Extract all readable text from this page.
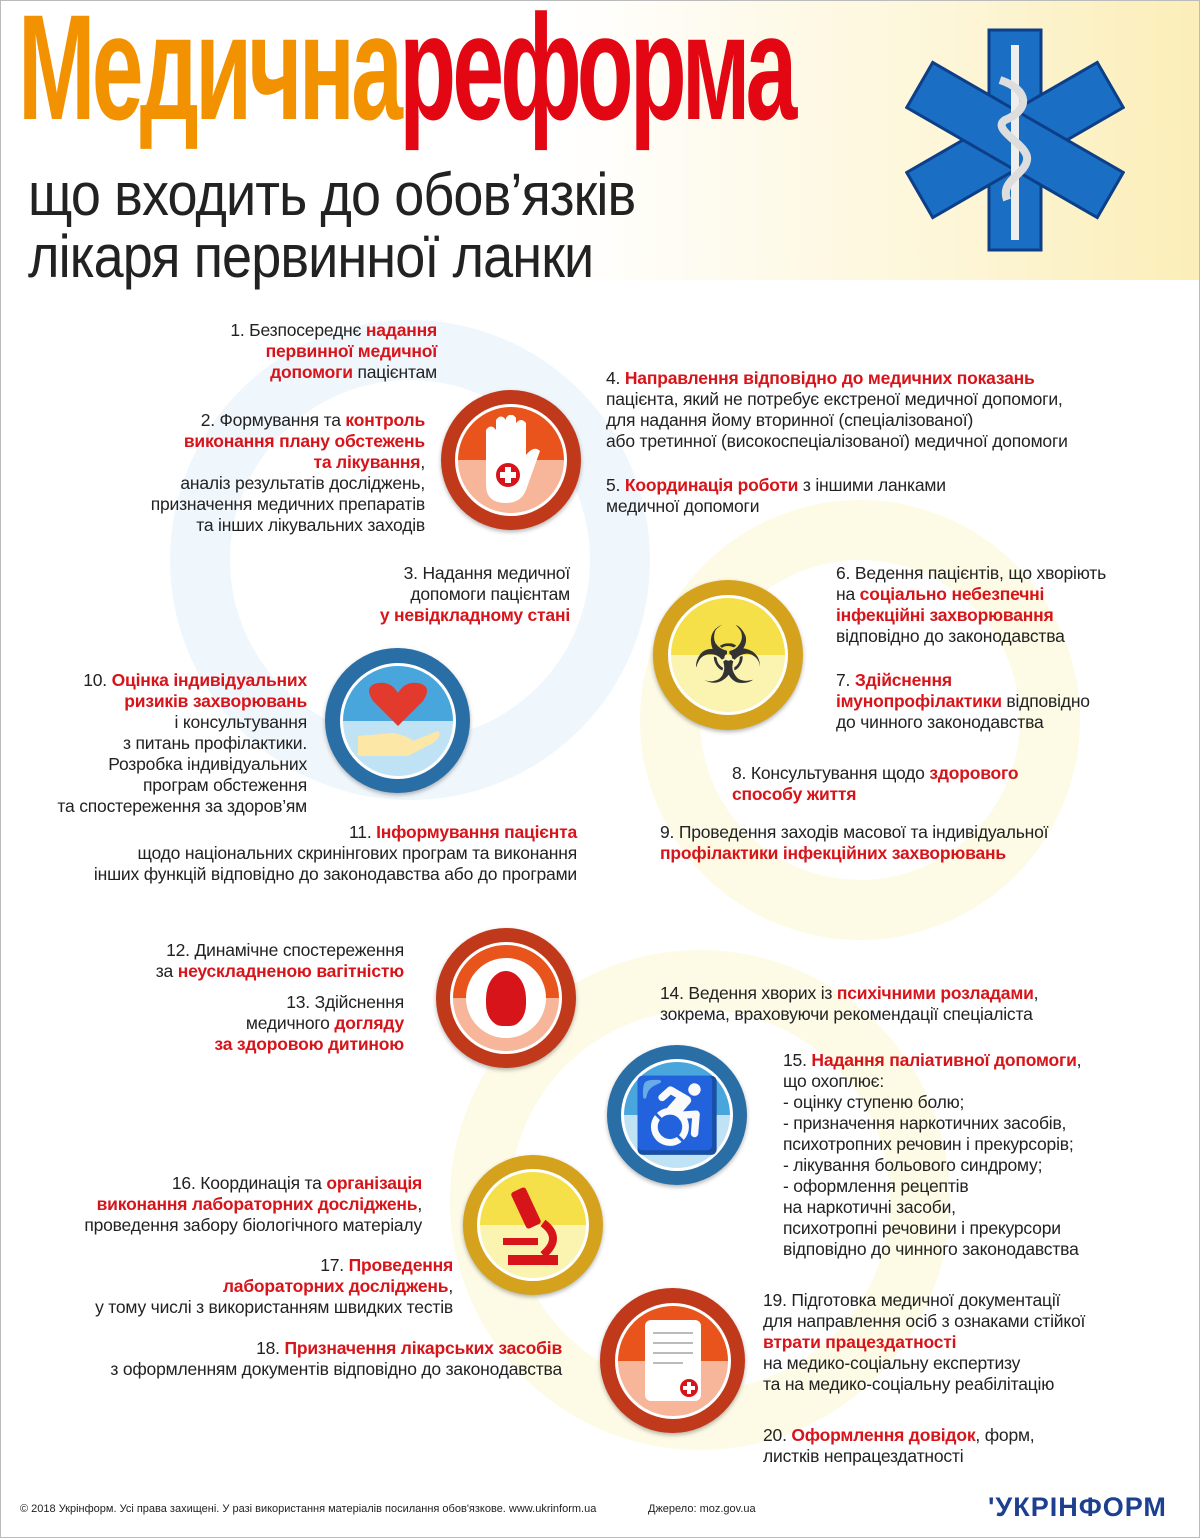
Медичнареформа
що входить до обов’язків
лікаря первинної ланки
☣
♿
1. Безпосереднє надання
первинної медичної
допомоги пацієнтам
2. Формування та контроль
виконання плану обстежень
та лікування,
аналіз результатів досліджень,
призначення медичних препаратів
та інших лікувальних заходів
3. Надання медичної
допомоги пацієнтам
у невідкладному стані
4. Направлення відповідно до медичних показань
пацієнта, який не потребує екстреної медичної допомоги,
для надання йому вторинної (спеціалізованої)
або третинної (високоспеціалізованої) медичної допомоги
5. Координація роботи з іншими ланками
медичної допомоги
6. Ведення пацієнтів, що хворіють
на соціально небезпечні
інфекційні захворювання
відповідно до законодавства
7. Здійснення
імунопрофілактики відповідно
до чинного законодавства
8. Консультування щодо здорового
способу життя
9. Проведення заходів масової та індивідуальної
профілактики інфекційних захворювань
10. Оцінка індивідуальних
ризиків захворювань
і консультування
з питань профілактики.
Розробка індивідуальних
програм обстеження
та спостереження за здоров’ям
11. Інформування пацієнта
щодо національних скринінгових програм та виконання
інших функцій відповідно до законодавства або до програми
12. Динамічне спостереження
за неускладненою вагітністю
13. Здійснення
медичного догляду
за здоровою дитиною
14. Ведення хворих із психічними розладами,
зокрема, враховуючи рекомендації спеціаліста
15. Надання паліативної допомоги,
що охоплює:
- оцінку ступеню болю;
- призначення наркотичних засобів,
психотропних речовин і прекурсорів;
- лікування больового синдрому;
- оформлення рецептів
на наркотичні засоби,
психотропні речовини і прекурсори
відповідно до чинного законодавства
16. Координація та організація
виконання лабораторних досліджень,
проведення забору біологічного матеріалу
17. Проведення
лабораторних досліджень,
у тому числі з використанням швидких тестів
18. Призначення лікарських засобів
з оформленням документів відповідно до законодавства
19. Підготовка медичної документації
для направлення осіб з ознаками стійкої
втрати працездатності
на медико-соціальну експертизу
та на медико-соціальну реабілітацію
20. Оформлення довідок, форм,
листків непрацездатності
© 2018 Укрінформ. Усі права захищені. У разі використання матеріалів посилання обов'язкове. www.ukrinform.ua	Джерело: moz.gov.ua	'УКРІНФОРМ
